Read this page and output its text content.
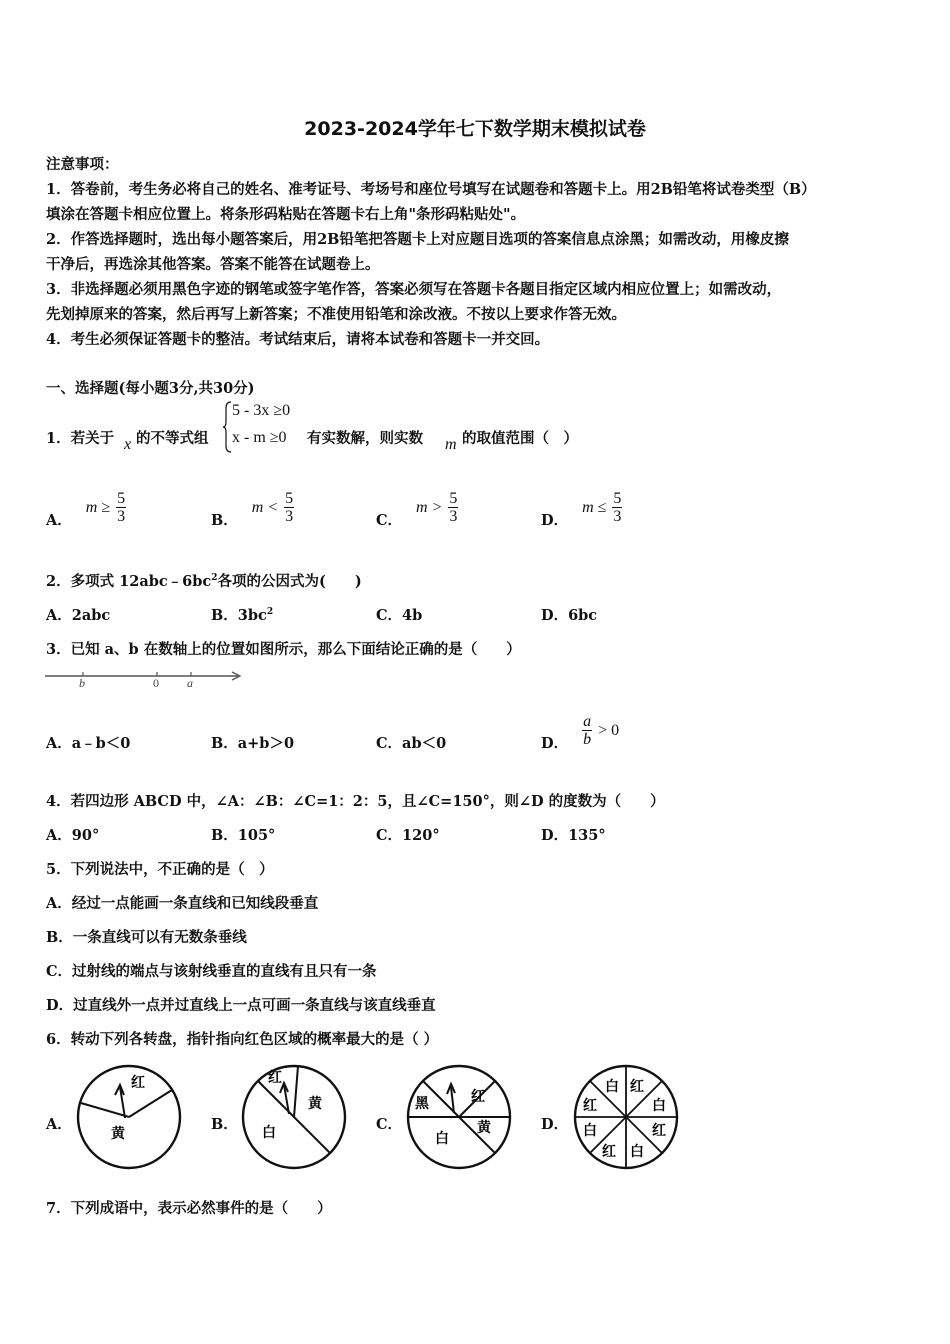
2023-2024学年七下数学期末模拟试卷
注意事项：
1．答卷前，考生务必将自己的姓名、准考证号、考场号和座位号填写在试题卷和答题卡上。用2B铅笔将试卷类型（B）
填涂在答题卡相应位置上。将条形码粘贴在答题卡右上角"条形码粘贴处"。
2．作答选择题时，选出每小题答案后，用2B铅笔把答题卡上对应题目选项的答案信息点涂黑；如需改动，用橡皮擦
干净后，再选涂其他答案。答案不能答在试题卷上。
3．非选择题必须用黑色字迹的钢笔或签字笔作答，答案必须写在答题卡各题目指定区域内相应位置上；如需改动，
先划掉原来的答案，然后再写上新答案；不准使用铅笔和涂改液。不按以上要求作答无效。
4．考生必须保证答题卡的整洁。考试结束后，请将本试卷和答题卡一并交回。
一、选择题(每小题3分,共30分)
1．若关于 x 的不等式组
5 - 3x ≥0
x - m ≥0 有实数解，则实数 m 的取值范围（　）
A．
$m \ge \frac{5}{3}$	B．
$m < \frac{5}{3}$	C．
$m > \frac{5}{3}$	D．
$m \le \frac{5}{3}$
2．多项式 $12abc﹣6bc^2$各项的公因式为(　　)
A．2abc	B．$3bc^2$	C．4b	D．6bc
3．已知 a、b 在数轴上的位置如图所示，那么下面结论正确的是（　　）
b	0 a
A．a﹣b＜0	B．a+b＞0	C．ab＜0	D． $\frac{a}{b} > 0$
4．若四边形 ABCD 中，∠A：∠B：∠C=1：2：5，且∠C=150°，则∠D 的度数为（　　）
A．90°	B．105°	C．120°	D．135°
5．下列说法中，不正确的是（　）
A．经过一点能画一条直线和已知线段垂直
B．一条直线可以有无数条垂线
C．过射线的端点与该射线垂直的直线有且只有一条
D．过直线外一点并过直线上一点可画一条直线与该直线垂直
6．转动下列各转盘，指针指向红色区域的概率最大的是（ ）
A．
红
黄
B．
红
黄
白	C．
黑	红
黄
白
D．
白 红
红	白
白	红
红 白
7．下列成语中，表示必然事件的是（　　）
